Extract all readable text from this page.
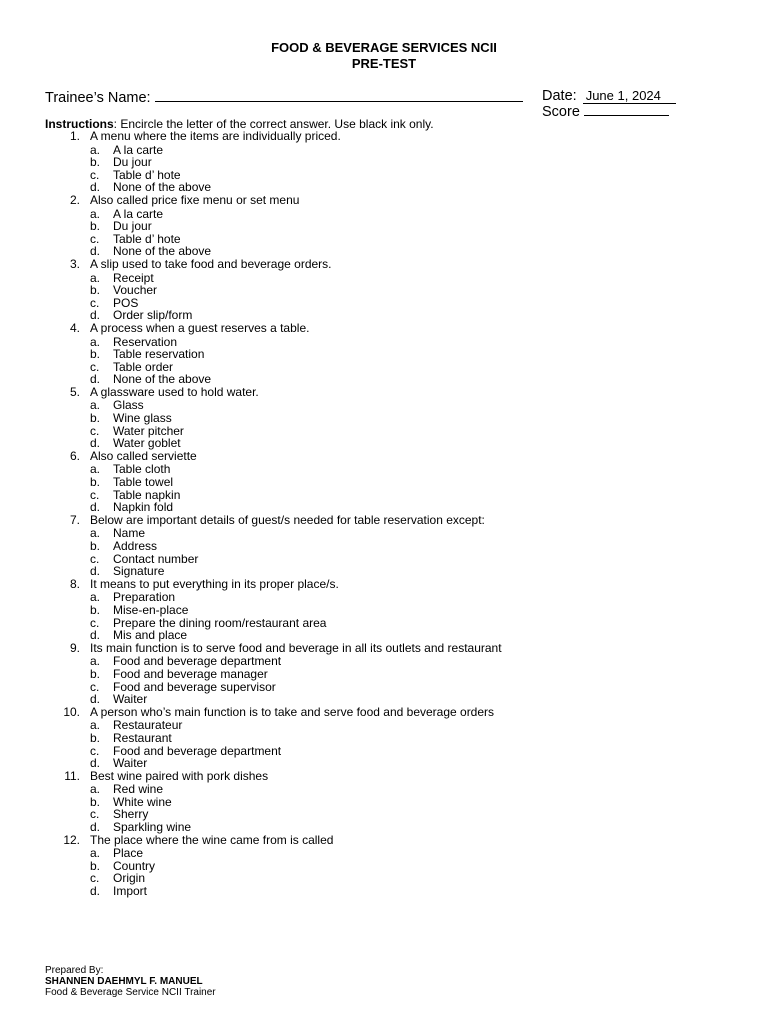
FOOD & BEVERAGE SERVICES NCII
PRE-TEST
Trainee’s Name:	Date: June 1, 2024
Score
Instructions: Encircle the letter of the correct answer. Use black ink only.
1. A menu where the items are individually priced.
a. A la carte
b. Du jour
c. Table d’ hote
d. None of the above
2. Also called price fixe menu or set menu
a. A la carte
b. Du jour
c. Table d’ hote
d. None of the above
3. A slip used to take food and beverage orders.
a. Receipt
b. Voucher
c. POS
d. Order slip/form
4. A process when a guest reserves a table.
a. Reservation
b. Table reservation
c. Table order
d. None of the above
5. A glassware used to hold water.
a. Glass
b. Wine glass
c. Water pitcher
d. Water goblet
6. Also called serviette
a. Table cloth
b. Table towel
c. Table napkin
d. Napkin fold
7. Below are important details of guest/s needed for table reservation except:
a. Name
b. Address
c. Contact number
d. Signature
8. It means to put everything in its proper place/s.
a. Preparation
b. Mise-en-place
c. Prepare the dining room/restaurant area
d. Mis and place
9. Its main function is to serve food and beverage in all its outlets and restaurant
a. Food and beverage department
b. Food and beverage manager
c. Food and beverage supervisor
d. Waiter
10. A person who’s main function is to take and serve food and beverage orders
a. Restaurateur
b. Restaurant
c. Food and beverage department
d. Waiter
11. Best wine paired with pork dishes
a. Red wine
b. White wine
c. Sherry
d. Sparkling wine
12. The place where the wine came from is called
a. Place
b. Country
c. Origin
d. Import
Prepared By:
SHANNEN DAEHMYL F. MANUEL
Food & Beverage Service NCII Trainer
